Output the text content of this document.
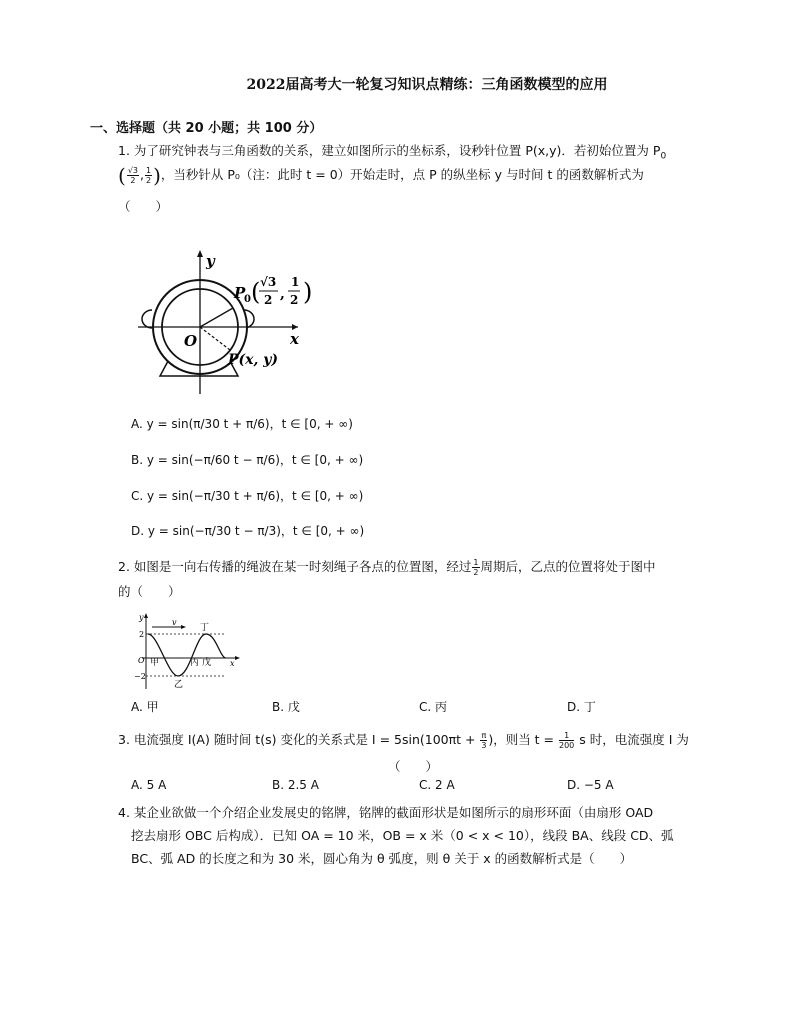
2022届高考大一轮复习知识点精练：三角函数模型的应用
一、选择题（共 20 小题；共 100 分）
1. 为了研究钟表与三角函数的关系，建立如图所示的坐标系，设秒针位置 P(x,y)．若初始位置为 $P_0$
( $\frac{√3}{2}$ , $\frac{1}{2}$ )，当秒针从 P₀（注：此时 t = 0）开始走时，点 P 的纵坐标 y 与时间 t 的函数解析式为
（　　）
y
x
O
P
0 ( √3
2 ,
1
2 )
P(x, y)
A. y = sin(π/30 t + π/6)，t ∈ [0, + ∞)
B. y = sin(−π/60 t − π/6)，t ∈ [0, + ∞)
C. y = sin(−π/30 t + π/6)，t ∈ [0, + ∞)
D. y = sin(−π/30 t − π/3)，t ∈ [0, + ∞)
2. 如图是一向右传播的绳波在某一时刻绳子各点的位置图，经过 $\frac{1}{2}$ 周期后，乙点的位置将处于图中
的（　　）
y
v
丁
2
O 甲	丙 戊 x
−2
乙
A. 甲	B. 戊	C. 丙	D. 丁
3. 电流强度 I(A) 随时间 t(s) 变化的关系式是 $I = 5\sin(100\pi t + \frac{\pi}{3}$ )，则当 $t = \frac{1}{200}$ s 时，电流强度 I 为
（　　）
A. 5 A	B. 2.5 A	C. 2 A	D. −5 A
4. 某企业欲做一个介绍企业发展史的铭牌，铭牌的截面形状是如图所示的扇形环面（由扇形 OAD
挖去扇形 OBC 后构成）．已知 OA = 10 米，OB = x 米（0 < x < 10），线段 BA、线段 CD、弧
BC、弧 AD 的长度之和为 30 米，圆心角为 θ 弧度，则 θ 关于 x 的函数解析式是（　　）
